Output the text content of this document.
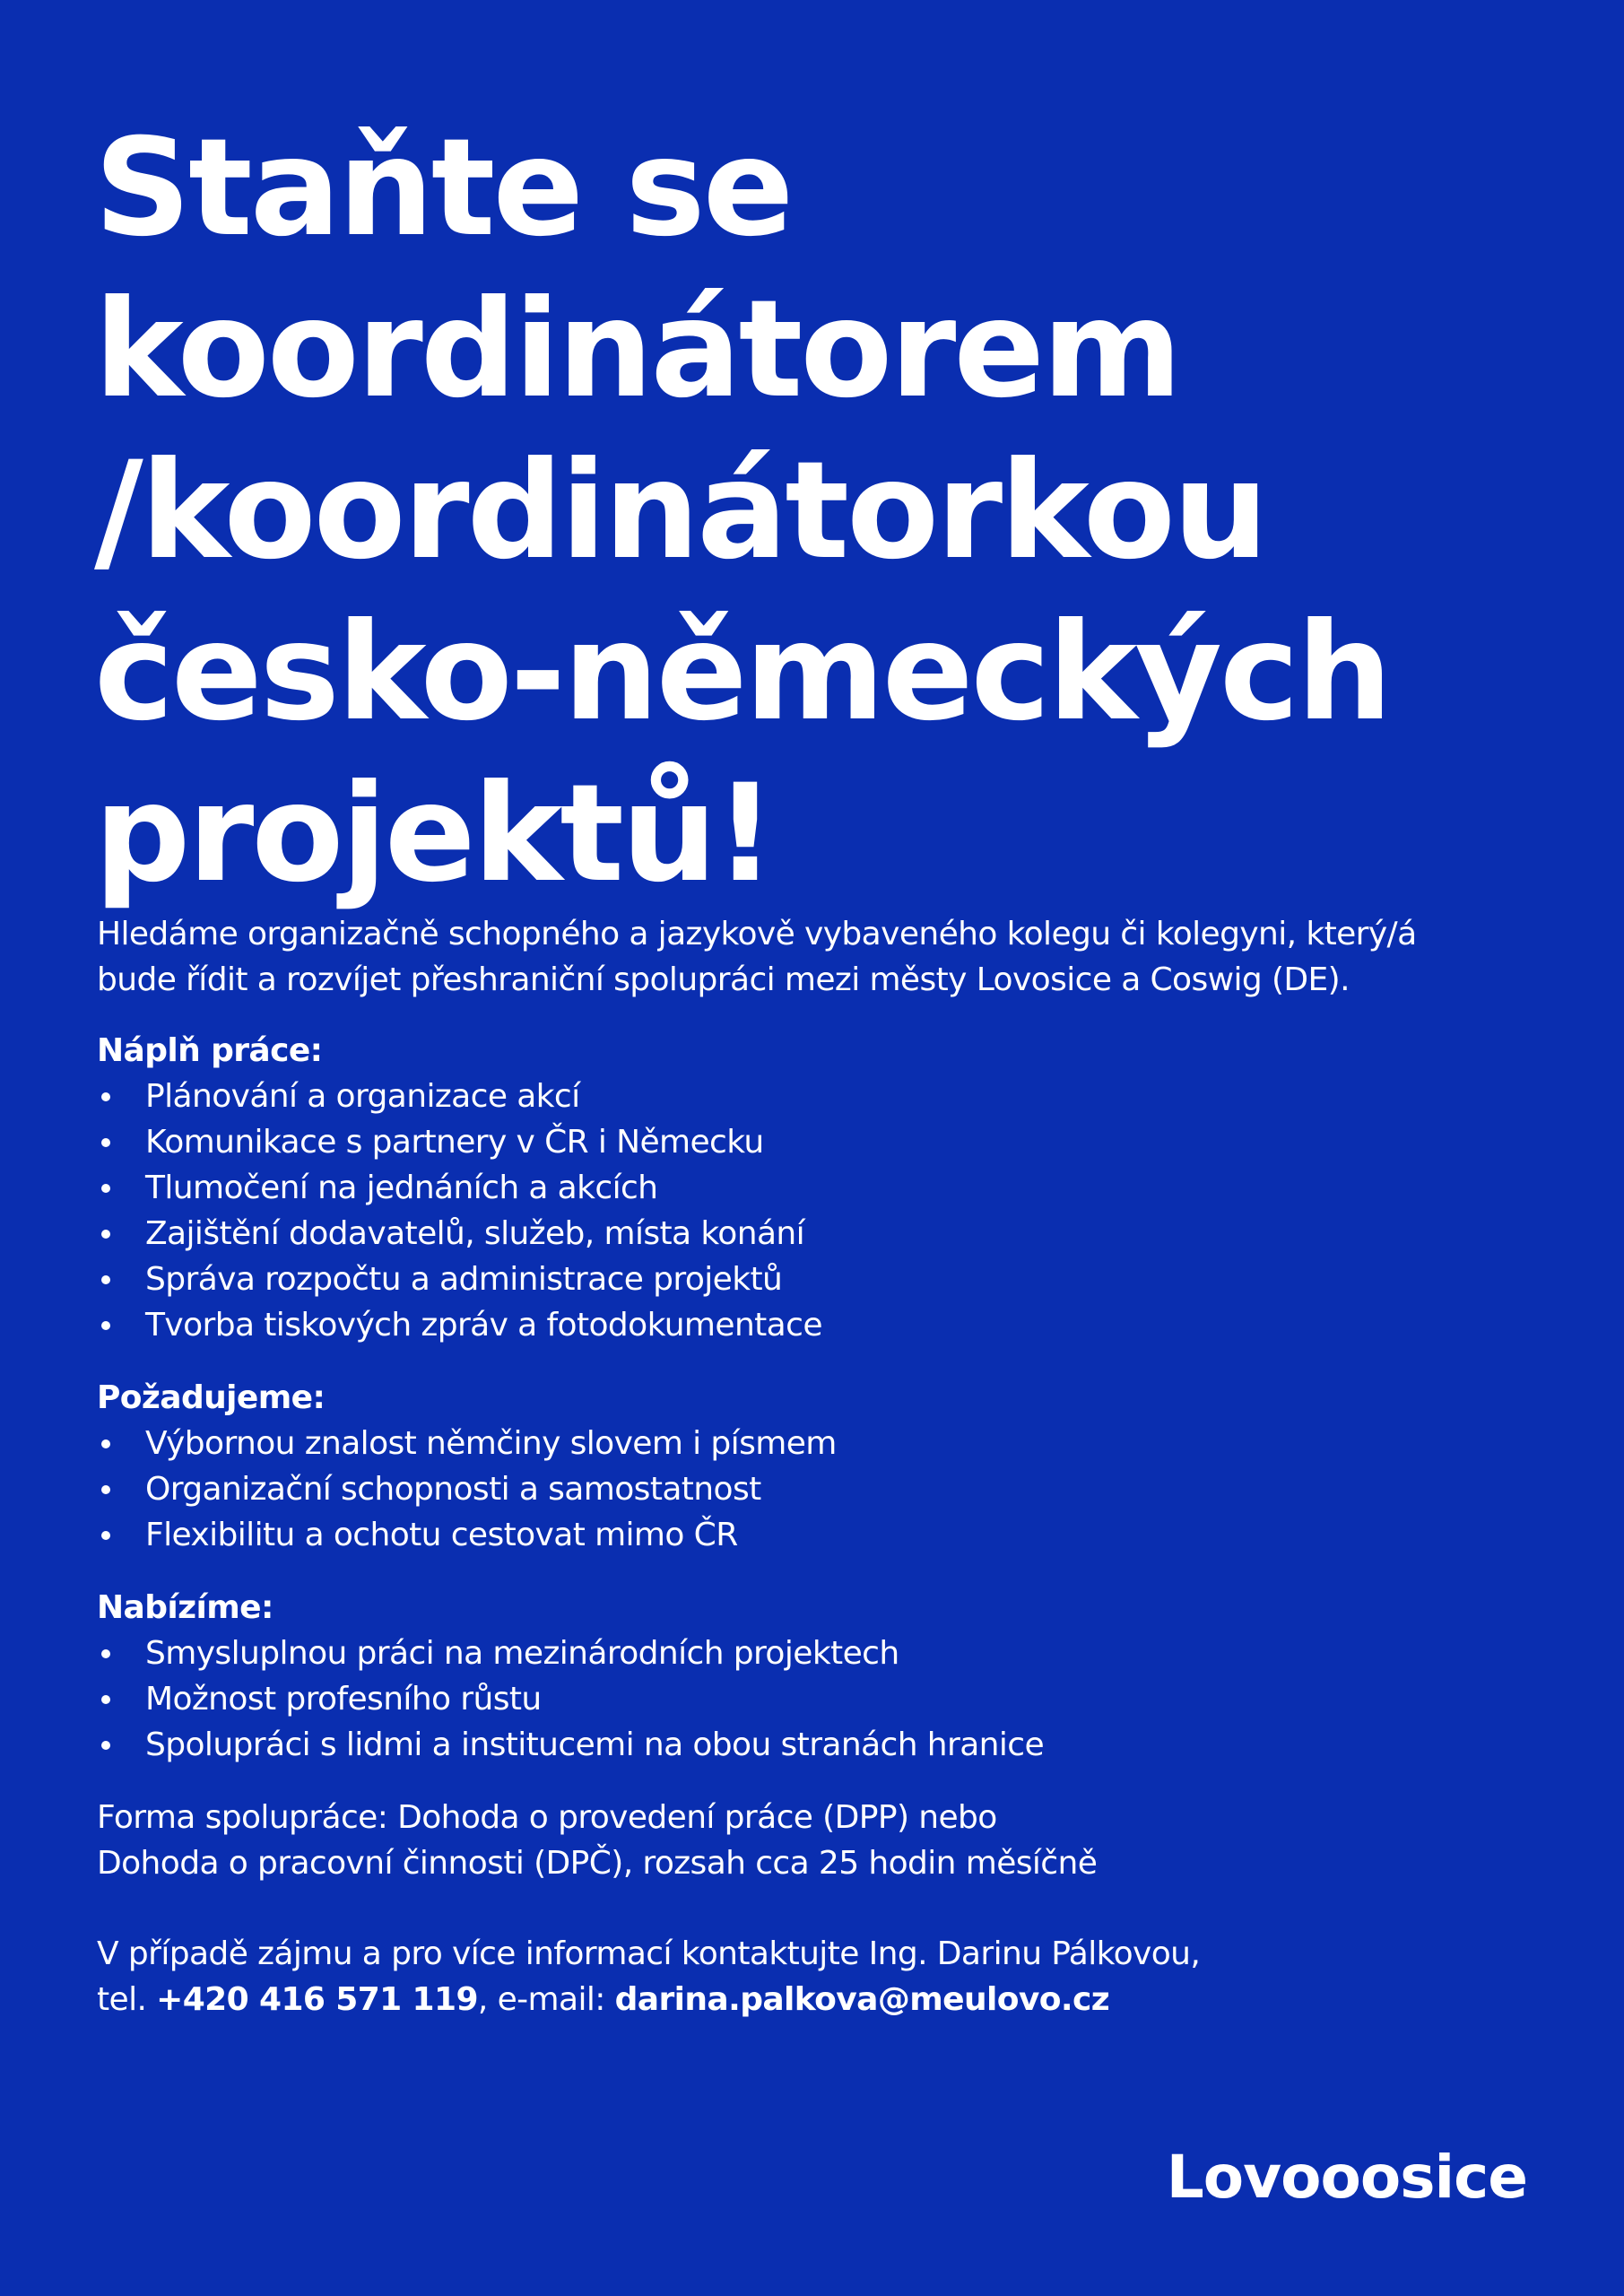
Staňte se
koordinátorem
/koordinátorkou
česko-německých
projektů!

Hledáme organizačně schopného a jazykově vybaveného kolegu či kolegyni, který/á
bude řídit a rozvíjet přeshraniční spolupráci mezi městy Lovosice a Coswig (DE).

Náplň práce:

Plánování a organizace akcí
Komunikace s partnery v ČR i Německu
Tlumočení na jednáních a akcích
Zajištění dodavatelů, služeb, místa konání
Správa rozpočtu a administrace projektů
Tvorba tiskových zpráv a fotodokumentace

Požadujeme:

Výbornou znalost němčiny slovem i písmem
Organizační schopnosti a samostatnost
Flexibilitu a ochotu cestovat mimo ČR

Nabízíme:

Smysluplnou práci na mezinárodních projektech
Možnost profesního růstu
Spolupráci s lidmi a institucemi na obou stranách hranice
Forma spolupráce: Dohoda o provedení práce (DPP) nebo
Dohoda o pracovní činnosti (DPČ), rozsah cca 25 hodin měsíčně
V případě zájmu a pro více informací kontaktujte Ing. Darinu Pálkovou,
tel. +420 416 571 119, e-mail: darina.palkova@meulovo.cz
Lovooosice
